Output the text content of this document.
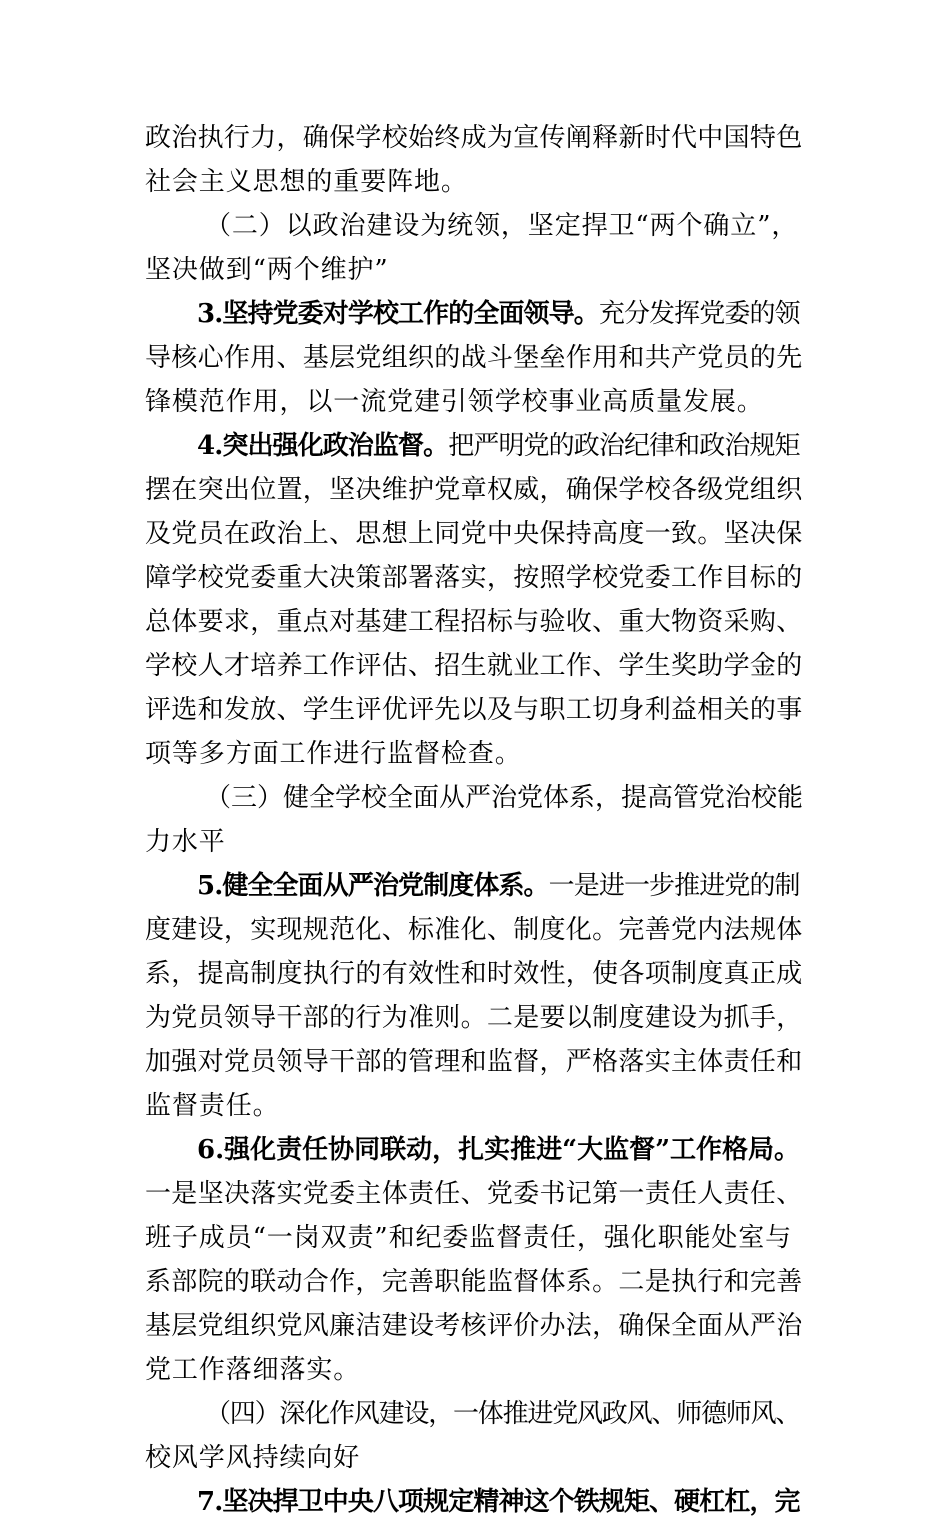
政治执行力，确保学校始终成为宣传阐释新时代中国特色
社会主义思想的重要阵地。
（二）以政治建设为统领，坚定捍卫“两个确立”，
坚决做到“两个维护”
3.坚持党委对学校工作的全面领导。充分发挥党委的领
导核心作用、基层党组织的战斗堡垒作用和共产党员的先
锋模范作用，以一流党建引领学校事业高质量发展。
4.突出强化政治监督。把严明党的政治纪律和政治规矩
摆在突出位置，坚决维护党章权威，确保学校各级党组织
及党员在政治上、思想上同党中央保持高度一致。坚决保
障学校党委重大决策部署落实，按照学校党委工作目标的
总体要求，重点对基建工程招标与验收、重大物资采购、
学校人才培养工作评估、招生就业工作、学生奖助学金的
评选和发放、学生评优评先以及与职工切身利益相关的事
项等多方面工作进行监督检查。
（三）健全学校全面从严治党体系，提高管党治校能
力水平
5.健全全面从严治党制度体系。一是进一步推进党的制
度建设，实现规范化、标准化、制度化。完善党内法规体
系，提高制度执行的有效性和时效性，使各项制度真正成
为党员领导干部的行为准则。二是要以制度建设为抓手，
加强对党员领导干部的管理和监督，严格落实主体责任和
监督责任。
6.强化责任协同联动，扎实推进“大监督”工作格局。
一是坚决落实党委主体责任、党委书记第一责任人责任、
班子成员“一岗双责”和纪委监督责任，强化职能处室与
系部院的联动合作，完善职能监督体系。二是执行和完善
基层党组织党风廉洁建设考核评价办法，确保全面从严治
党工作落细落实。
（四）深化作风建设，一体推进党风政风、师德师风、
校风学风持续向好
7.坚决捍卫中央八项规定精神这个铁规矩、硬杠杠，完
